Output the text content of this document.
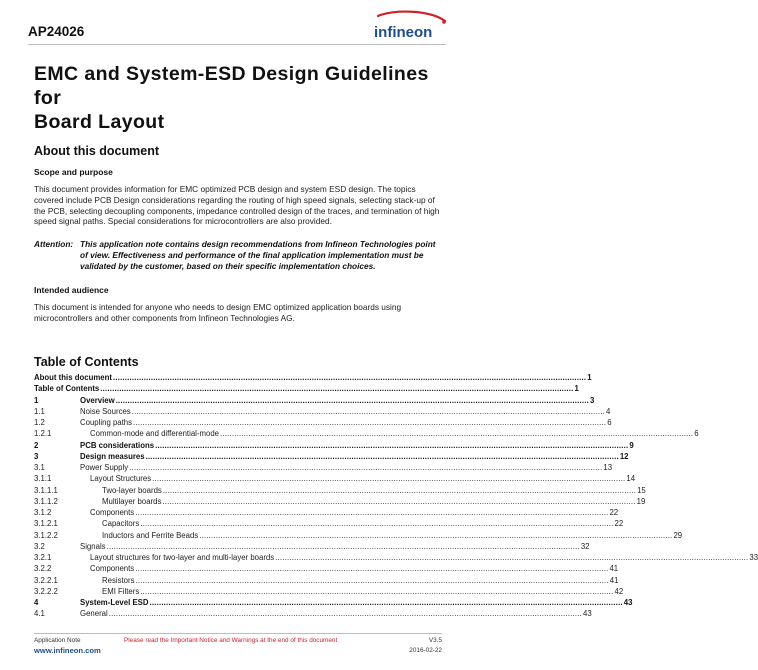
AP24026	infineon
EMC and System-ESD Design Guidelines for
Board Layout
About this document
Scope and purpose
This document provides information for EMC optimized PCB design and system ESD design. The topics covered include PCB Design considerations regarding the routing of high speed signals, selecting stack-up of the PCB, selecting decoupling components, impedance controlled design of the traces, and termination of high speed signal paths. Special considerations for microcontrollers are also provided.
Attention: This application note contains design recommendations from Infineon Technologies point of view. Effectiveness and performance of the final application implementation must be validated by the customer, based on their specific implementation choices.
Intended audience
This document is intended for anyone who needs to design EMC optimized application boards using microcontrollers and other components from Infineon Technologies AG.
Table of Contents
About this document ........................................................................................................................................................................................................ 1
Table of Contents ........................................................................................................................................................................................................ 1
1	Overview ........................................................................................................................................................................................................ 3
1.1	Noise Sources ........................................................................................................................................................................................................ 4
1.2	Coupling paths ........................................................................................................................................................................................................ 6
1.2.1	Common-mode and differential-mode ........................................................................................................................................................................................................ 6
2	PCB considerations ........................................................................................................................................................................................................ 9
3	Design measures ........................................................................................................................................................................................................ 12
3.1	Power Supply ........................................................................................................................................................................................................ 13
3.1.1	Layout Structures ........................................................................................................................................................................................................ 14
3.1.1.1	Two-layer boards ........................................................................................................................................................................................................ 15
3.1.1.2	Multilayer boards ........................................................................................................................................................................................................ 19
3.1.2	Components ........................................................................................................................................................................................................ 22
3.1.2.1	Capacitors ........................................................................................................................................................................................................ 22
3.1.2.2	Inductors and Ferrite Beads ........................................................................................................................................................................................................ 29
3.2	Signals ........................................................................................................................................................................................................ 32
3.2.1	Layout structures for two-layer and multi-layer boards ........................................................................................................................................................................................................ 33
3.2.2	Components ........................................................................................................................................................................................................ 41
3.2.2.1	Resistors ........................................................................................................................................................................................................ 41
3.2.2.2	EMI Filters ........................................................................................................................................................................................................ 42
4	System-Level ESD ........................................................................................................................................................................................................ 43
4.1	General ........................................................................................................................................................................................................ 43
Application Note
www.infineon.com
Please read the Important Notice and Warnings at the end of this document	V3.5
2016-02-22
